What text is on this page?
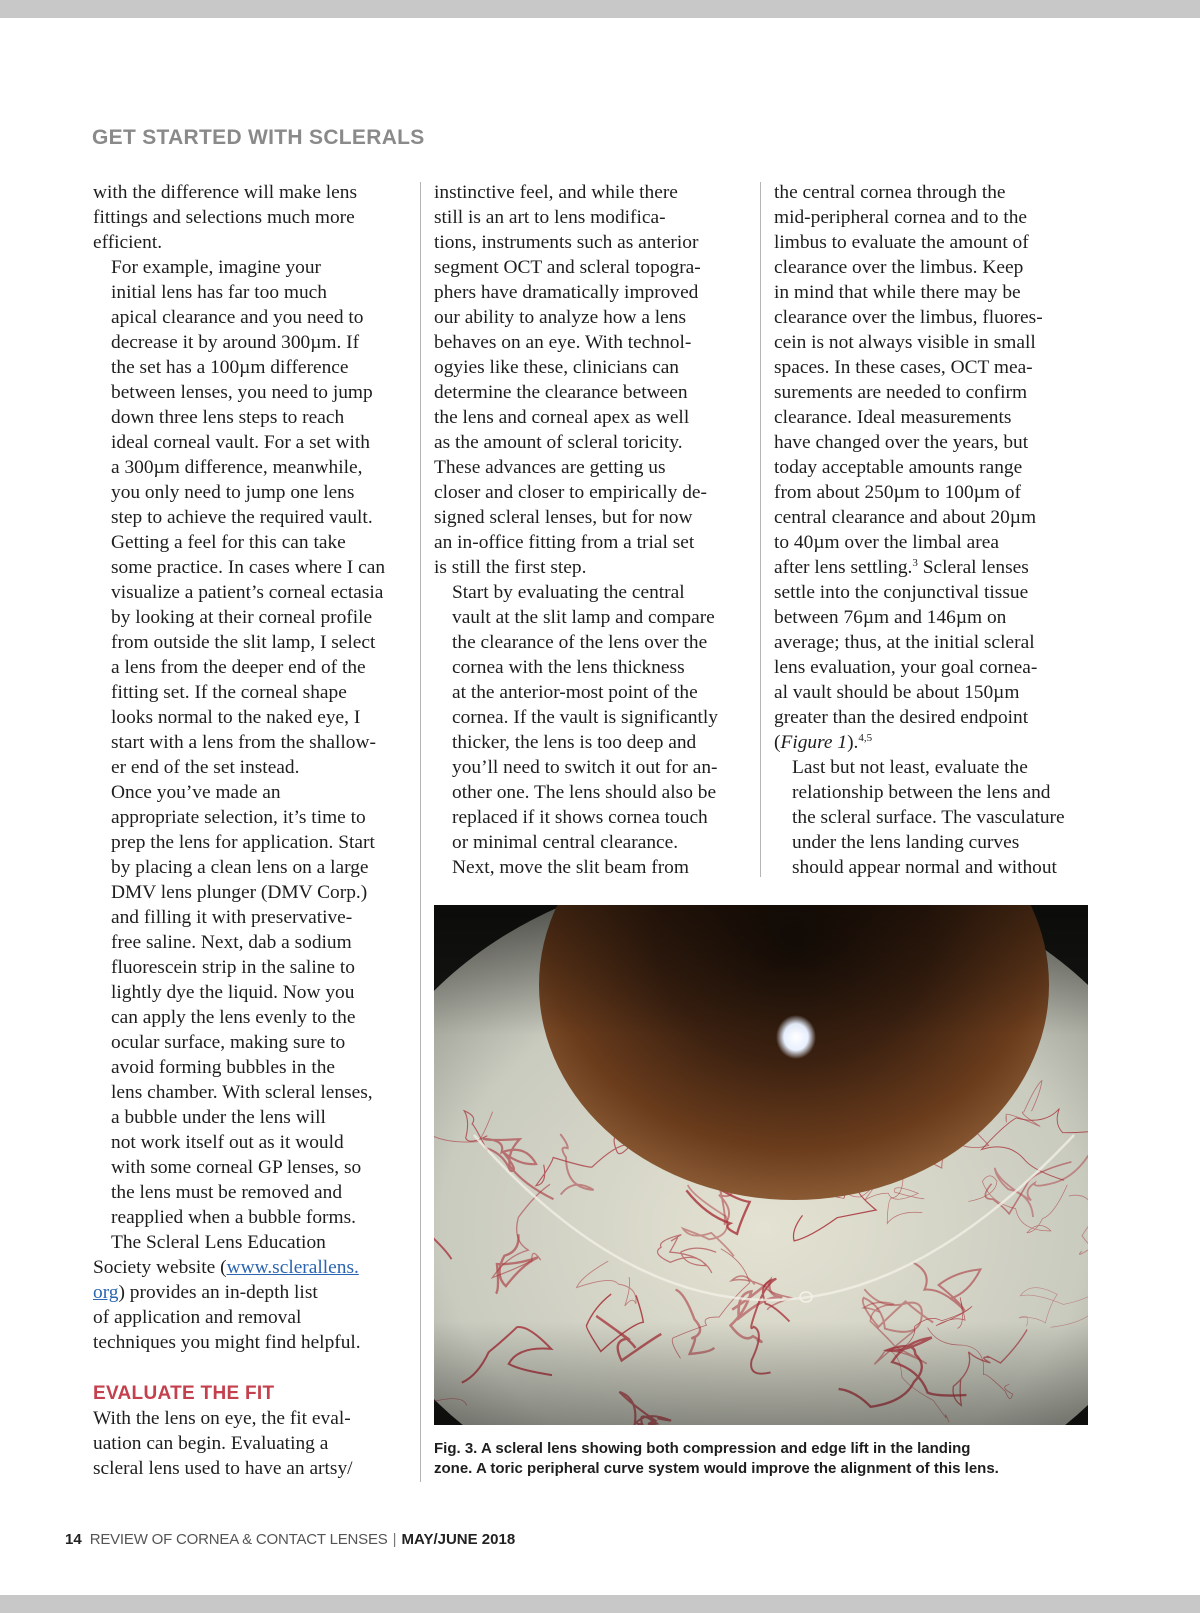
GET STARTED WITH SCLERALS

with the difference will make lens
fittings and selections much more
efficient.

For example, imagine your
initial lens has far too much
apical clearance and you need to
decrease it by around 300µm. If
the set has a 100µm difference
between lenses, you need to jump
down three lens steps to reach
ideal corneal vault. For a set with
a 300µm difference, meanwhile,
you only need to jump one lens
step to achieve the required vault.
Getting a feel for this can take
some practice. In cases where I can
visualize a patient’s corneal ectasia
by looking at their corneal profile
from outside the slit lamp, I select
a lens from the deeper end of the
fitting set. If the corneal shape
looks normal to the naked eye, I
start with a lens from the shallow-
er end of the set instead.

Once you’ve made an
appropriate selection, it’s time to
prep the lens for application. Start
by placing a clean lens on a large
DMV lens plunger (DMV Corp.)
and filling it with preservative-
free saline. Next, dab a sodium
fluorescein strip in the saline to
lightly dye the liquid. Now you
can apply the lens evenly to the
ocular surface, making sure to
avoid forming bubbles in the
lens chamber. With scleral lenses,
a bubble under the lens will
not work itself out as it would
with some corneal GP lenses, so
the lens must be removed and
reapplied when a bubble forms.
The Scleral Lens Education

Society website (www.sclerallens.
org) provides an in-depth list
of application and removal
techniques you might find helpful.

EVALUATE THE FIT

With the lens on eye, the fit eval-
uation can begin. Evaluating a
scleral lens used to have an artsy/

instinctive feel, and while there
still is an art to lens modifica-
tions, instruments such as anterior
segment OCT and scleral topogra-
phers have dramatically improved
our ability to analyze how a lens
behaves on an eye. With technol-
ogyies like these, clinicians can
determine the clearance between
the lens and corneal apex as well
as the amount of scleral toricity.
These advances are getting us
closer and closer to empirically de-
signed scleral lenses, but for now
an in-office fitting from a trial set
is still the first step.

Start by evaluating the central
vault at the slit lamp and compare
the clearance of the lens over the
cornea with the lens thickness
at the anterior-most point of the
cornea. If the vault is significantly
thicker, the lens is too deep and
you’ll need to switch it out for an-
other one. The lens should also be
replaced if it shows cornea touch
or minimal central clearance.

Next, move the slit beam from

the central cornea through the
mid-peripheral cornea and to the
limbus to evaluate the amount of
clearance over the limbus. Keep
in mind that while there may be
clearance over the limbus, fluores-
cein is not always visible in small
spaces. In these cases, OCT mea-
surements are needed to confirm
clearance. Ideal measurements
have changed over the years, but
today acceptable amounts range
from about 250µm to 100µm of
central clearance and about 20µm
to 40µm over the limbal area
after lens settling.$^3$ Scleral lenses
settle into the conjunctival tissue
between 76µm and 146µm on
average; thus, at the initial scleral
lens evaluation, your goal cornea-
al vault should be about 150µm
greater than the desired endpoint
(Figure 1).$^{4,5}$

Last but not least, evaluate the
relationship between the lens and
the scleral surface. The vasculature
under the lens landing curves
should appear normal and without

Fig. 3. A scleral lens showing both compression and edge lift in the landing
zone. A toric peripheral curve system would improve the alignment of this lens.
14 REVIEW OF CORNEA & CONTACT LENSES | MAY/JUNE 2018
